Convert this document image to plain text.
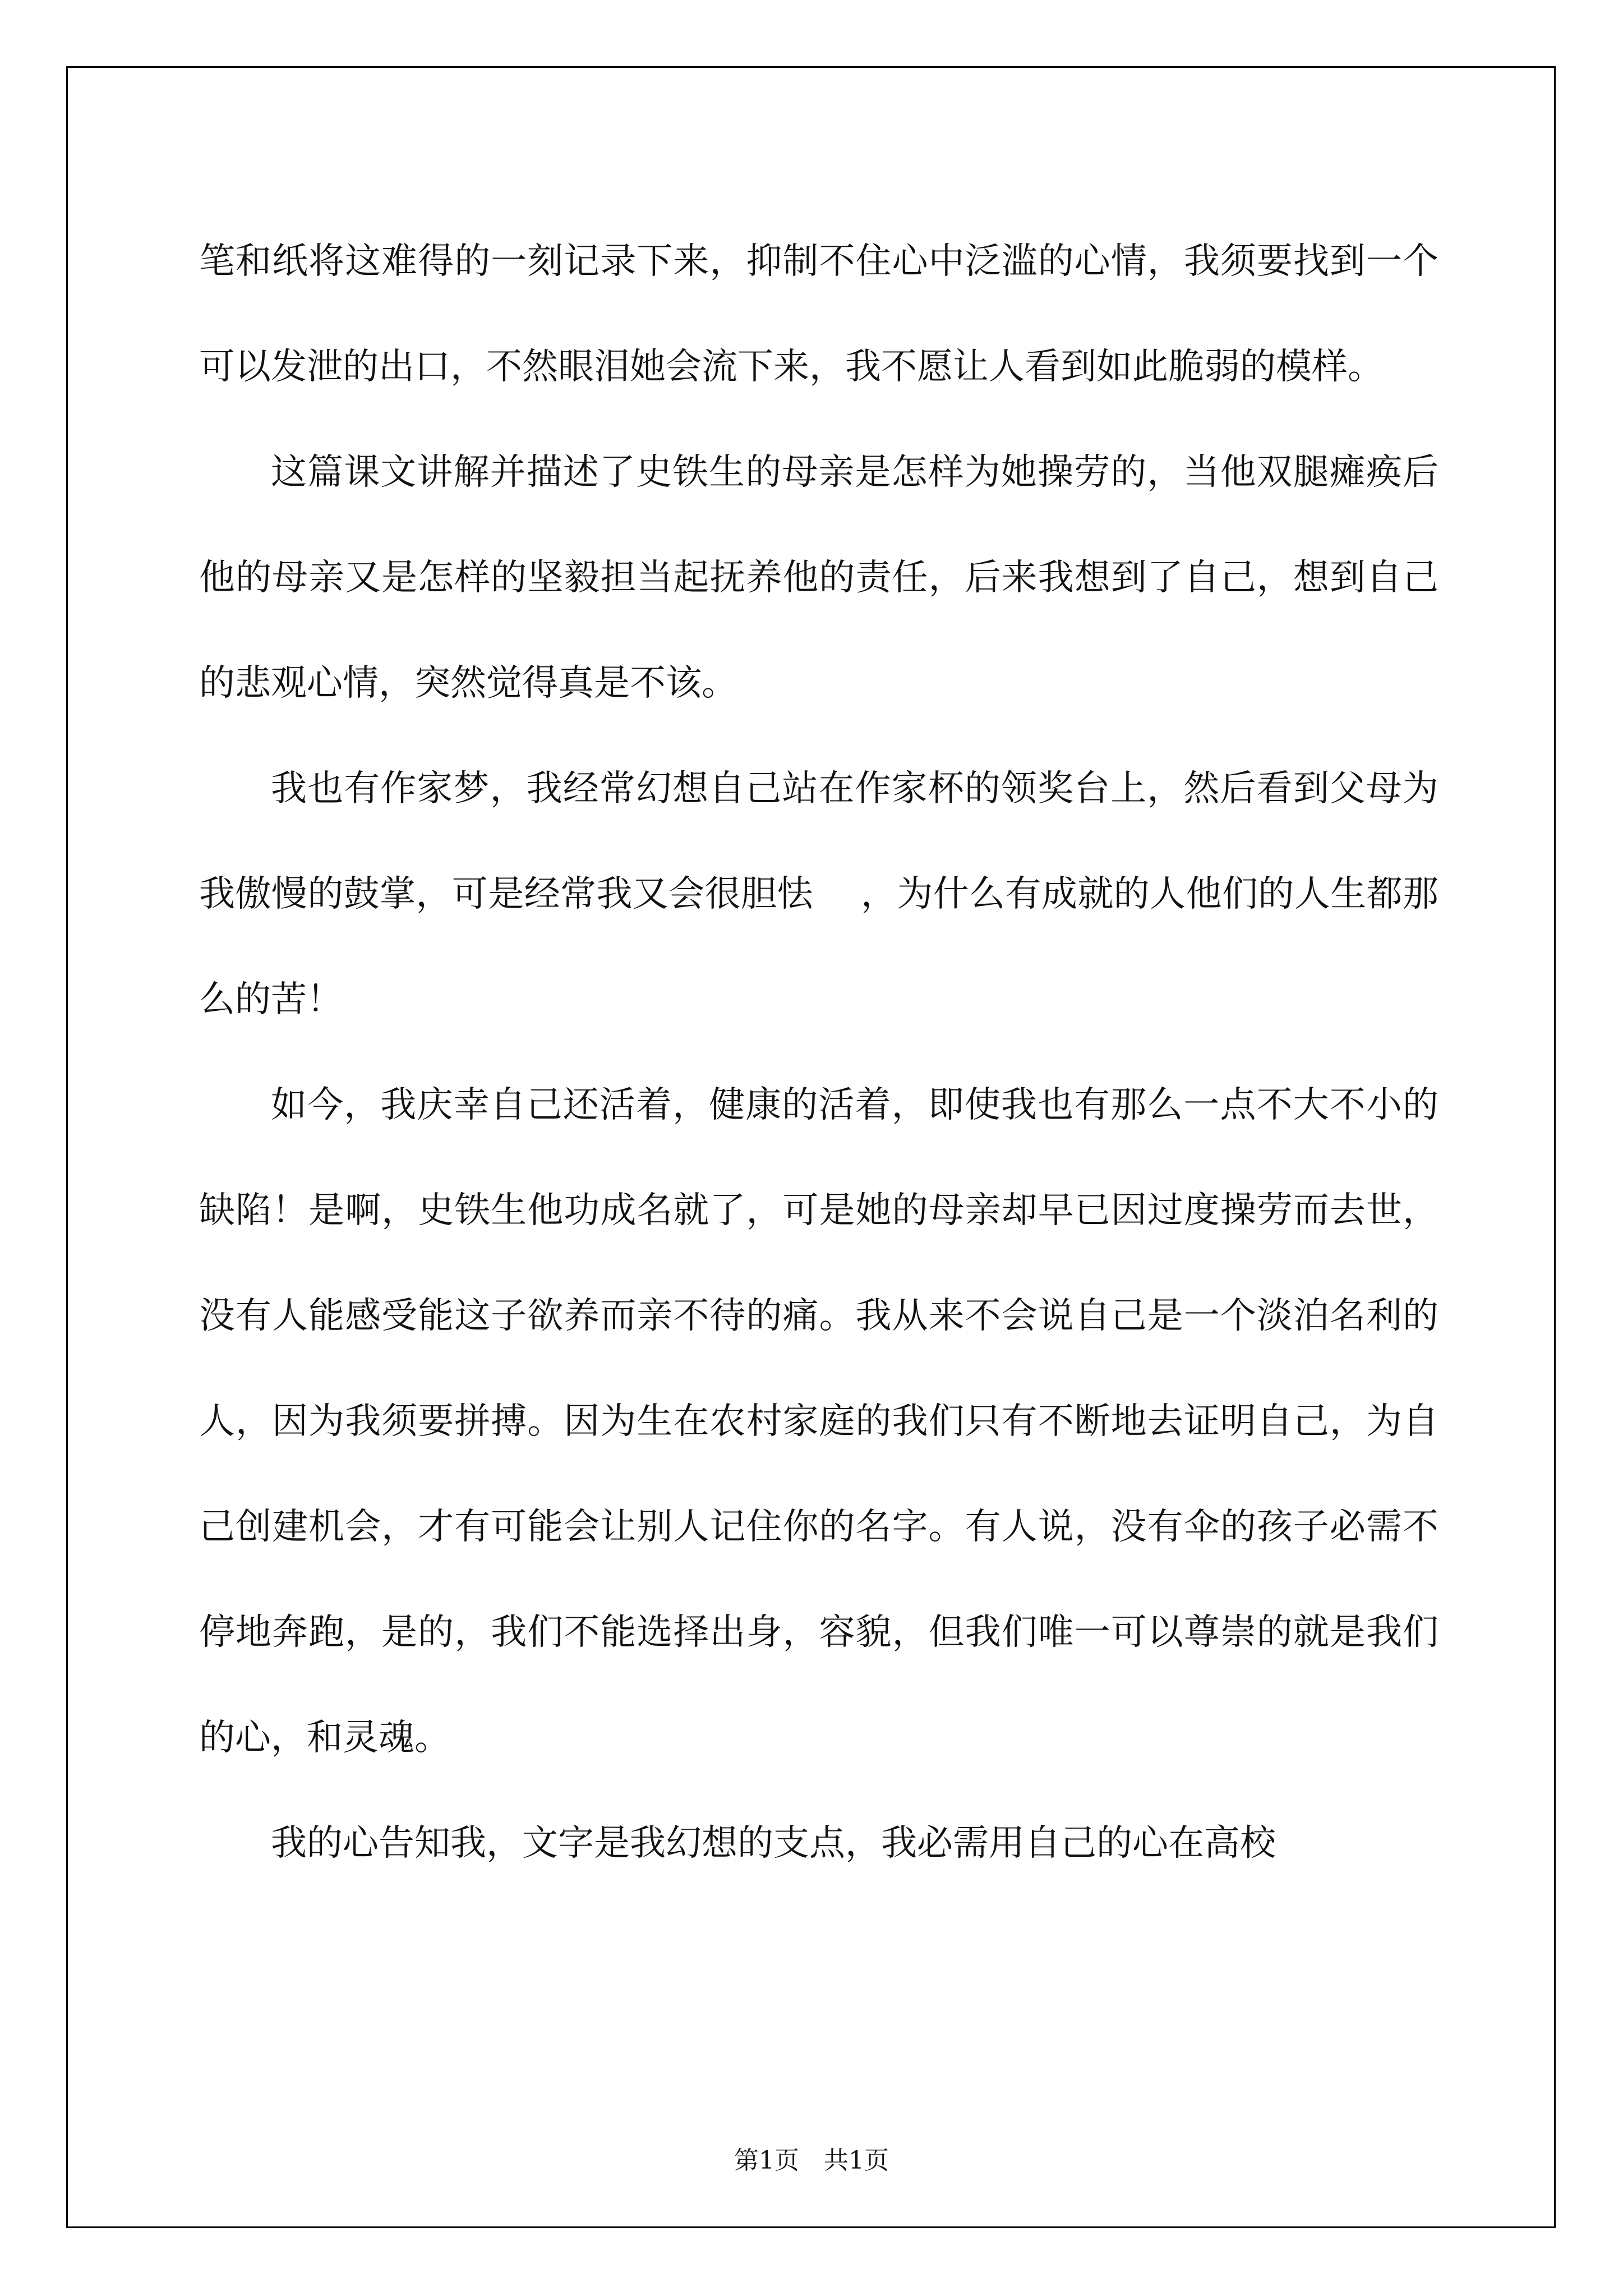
笔和纸将这难得的一刻记录下来，抑制不住心中泛滥的心情，我须要找到一个可以发泄的出口，不然眼泪她会流下来，我不愿让人看到如此脆弱的模样。

这篇课文讲解并描述了史铁生的母亲是怎样为她操劳的，当他双腿瘫痪后他的母亲又是怎样的坚毅担当起抚养他的责任，后来我想到了自己，想到自己的悲观心情，突然觉得真是不该。

我也有作家梦，我经常幻想自己站在作家杯的领奖台上，然后看到父母为我傲慢的鼓掌，可是经常我又会很胆怯　 ，为什么有成就的人他们的人生都那么的苦！

如今，我庆幸自己还活着，健康的活着，即使我也有那么一点不大不小的缺陷！是啊，史铁生他功成名就了，可是她的母亲却早已因过度操劳而去世，没有人能感受能这子欲养而亲不待的痛。我从来不会说自己是一个淡泊名利的人，因为我须要拼搏。因为生在农村家庭的我们只有不断地去证明自己，为自己创建机会，才有可能会让别人记住你的名字。有人说，没有伞的孩子必需不停地奔跑，是的，我们不能选择出身，容貌，但我们唯一可以尊崇的就是我们的心，和灵魂。

我的心告知我，文字是我幻想的支点，我必需用自己的心在高校

第1页　共1页
